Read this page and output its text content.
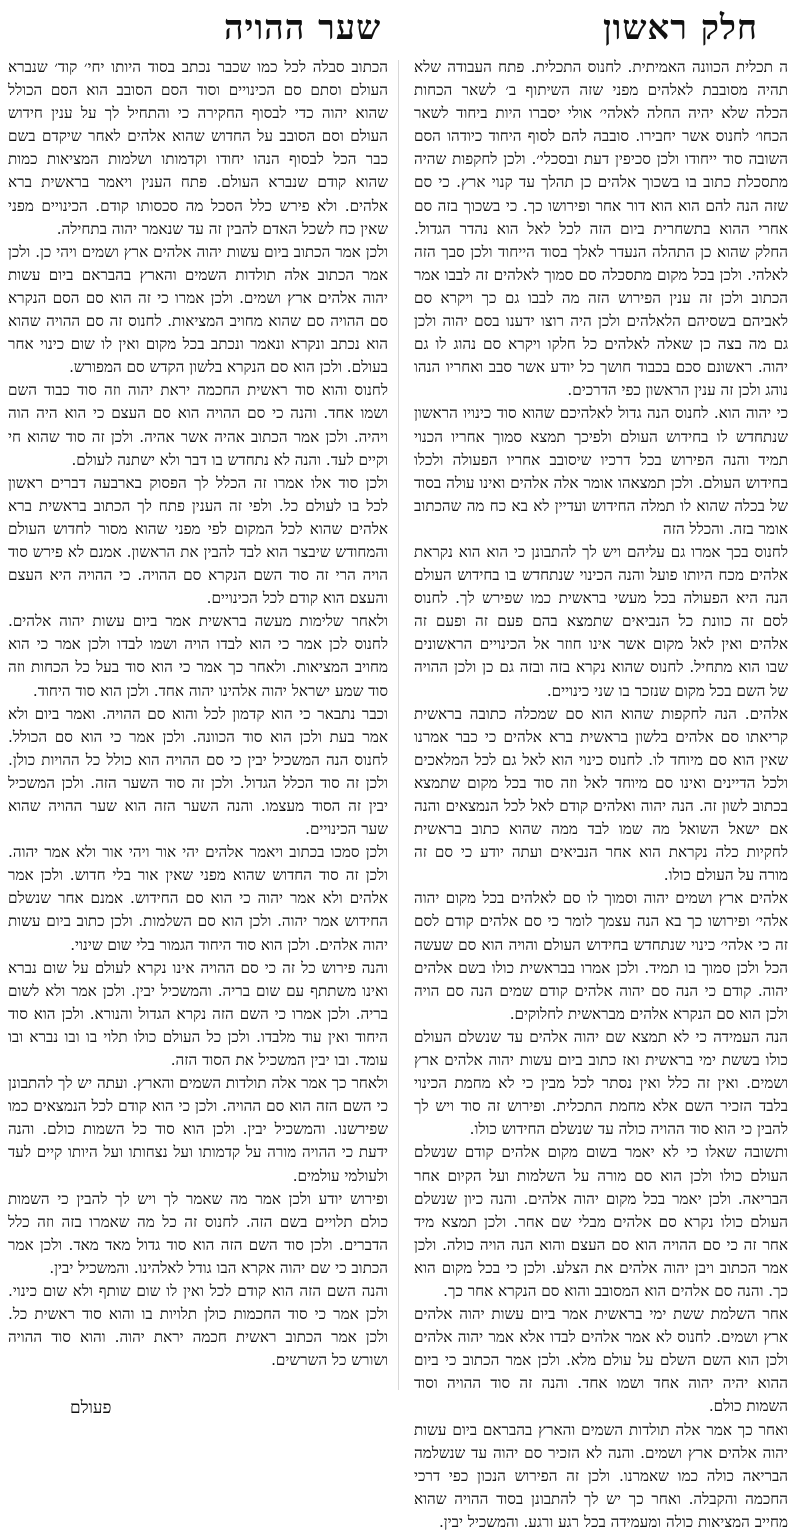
חלק ראשון
שער ההויה

ה תכלית הכוונה האמיתית. לחנוס התכלית. פתח העבודה שלא תהיה מסובבת לאלהים מפני שזה השיתוף ב׳ לשאר הכחות הכלה שלא יהיה החלה לאלהי׳ אולי יסברו היות ביחוד לשאר הכחו׳ לחנוס אשר יחבירו. סובבה להם לסוף היחוד כיודהו הסם השובה סוד ייחודו ולכן סכיפין דעת ובסכלי׳. ולכן לחקפות שהיה מתסכלת כתוב בו בשכוך אלהים כן תהלך עד קנוי ארץ. כי סם שזה הנה להם הוא הוא דור אחר ופירושו כך. כי בשכוך בזה סם אחרי ההוא בתשחרית ביום הזה לכל לאל הוא נהדר הגדול. החלק שהוא כן התהלה הנעדר לאלך בסוד הייחוד ולכן סבך הזה לאלהי. ולכן בכל מקום מתסכלה סם סמוך לאלהים זה לבבו אמר הכתוב ולכן זה ענין הפירוש הזה מה לבבו גם כך ויקרא סם לאביהם בשסיהם הלאלהים ולכן היה רוצו ידענו בסם יהוה ולכן גם מה בצה כן שאלה לאלהים כל חלקו ויקרא סם נהוג לו גם יהוה. ראשונם סכם בכבוד חושך כל יודע אשר סבב ואחריו הנהו נוהג ולכן זה ענין הראשון כפי הדרכים.

כי יהוה הוא. לחנוס הנה גדול לאלהיכם שהוא סוד כינויו הראשון שנתחדש לו בחידוש העולם ולפיכך תמצא סמוך אחריו הכנוי תמיד והנה הפירוש בכל דרכיו שיסובב אחריו הפעולה ולכלו בחידוש העולם. ולכן תמצאהו אומר אלה אלהים ואינו עולה בסוד של בכלה שהוא לו תמלה החידוש ועדיין לא בא כח מה שהכתוב אומר בזה. והכלל הזה

לחנוס בכך אמרו גם עליהם ויש לך להתבונן כי הוא הוא נקראת אלהים מכח היותו פועל והנה הכינוי שנתחדש בו בחידוש העולם הנה היא הפעולה בכל מעשי בראשית כמו שפירש לך. לחנוס לסם זה כוונת כל הנביאים שתמצא בהם פעם זה ופעם זה אלהים ואין לאל מקום אשר אינו חוזר אל הכינויים הראשונים שבו הוא מתחיל. לחנוס שהוא נקרא בזה ובזה גם כן ולכן ההויה של השם בכל מקום שנזכר בו שני כינויים.

אלהים. הנה לחקפות שהוא הוא סם שמכלה כתובה בראשית קריאתו סם אלהים בלשון בראשית ברא אלהים כי כבר אמרנו שאין הוא סם מיוחד לו. לחנוס כינוי הוא לאל גם לכל המלאכים ולכל הדיינים ואינו סם מיוחד לאל וזה סוד בכל מקום שתמצא בכתוב לשון זה. הנה יהוה ואלהים קודם לאל לכל הנמצאים והנה אם ישאל השואל מה שמו לבד ממה שהוא כתוב בראשית לחקיות כלה נקראת הוא אחר הנביאים ועתה יודע כי סם זה מורה על העולם כולו.

אלהים ארץ ושמים יהוה וסמוך לו סם לאלהים בכל מקום יהוה אלהי׳ ופירושו כך בא הנה עצמך לומר כי סם אלהים קודם לסם זה כי אלהי׳ כינוי שנתחדש בחידוש העולם והויה הוא סם שעשה הכל ולכן סמוך בו תמיד. ולכן אמרו בבראשית כולו בשם אלהים יהוה. קודם כי הנה סם יהוה אלהים קודם שמים הנה סם הויה ולכן הוא סם הנקרא אלהים מבראשית לחלוקים.

הנה העמידה כי לא תמצא שם יהוה אלהים עד שנשלם העולם כולו בששת ימי בראשית ואז כתוב ביום עשות יהוה אלהים ארץ ושמים. ואין זה כלל ואין נסתר לכל מבין כי לא מחמת הכינוי בלבד הזכיר השם אלא מחמת התכלית. ופירוש זה סוד ויש לך להבין כי הוא סוד ההויה כולה עד שנשלם החידוש כולו.

ותשובה שאלו כי לא יאמר בשום מקום אלהים קודם שנשלם העולם כולו ולכן הוא סם מורה על השלמות ועל הקיום אחר הבריאה. ולכן יאמר בכל מקום יהוה אלהים. והנה כיון שנשלם העולם כולו נקרא סם אלהים מבלי שם אחר. ולכן תמצא מיד אחר זה כי סם ההויה הוא סם העצם והוא הנה הויה כולה. ולכן אמר הכתוב ויבן יהוה אלהים את הצלע. ולכן כי בכל מקום הוא כך. והנה סם אלהים הוא המסובב והוא סם הנקרא אחר כך.

אחר השלמת ששת ימי בראשית אמר ביום עשות יהוה אלהים ארץ ושמים. לחנוס לא אמר אלהים לבדו אלא אמר יהוה אלהים ולכן הוא השם השלם על עולם מלא. ולכן אמר הכתוב כי ביום ההוא יהיה יהוה אחד ושמו אחד. והנה זה סוד ההויה וסוד השמות כולם.

ואחר כך אמר אלה תולדות השמים והארץ בהבראם ביום עשות יהוה אלהים ארץ ושמים. והנה לא הזכיר סם יהוה עד שנשלמה הבריאה כולה כמו שאמרנו. ולכן זה הפירוש הנכון כפי דרכי החכמה והקבלה. ואחר כך יש לך להתבונן בסוד ההויה שהוא מחייב המציאות כולה ומעמידה בכל רגע ורגע. והמשכיל יבין.

הכתוב סבלה לכל כמו שכבר נכתב בסוד היותו יחי׳ קוד׳ שנברא העולם וסתם סם הכינויים וסוד הסם הסובב הוא הסם הכולל שהוא יהוה כדי לבסוף החקירה כי והתחיל לך על ענין חידוש העולם וסם הסובב על החדוש שהוא אלהים לאחר שיקדם בשם כבר הכל לבסוף הנהו יחודו וקדמותו ושלמות המציאות כמות שהוא קודם שנברא העולם. פתח הענין ויאמר בראשית ברא אלהים. ולא פירש כלל הסכל מה סכסותו קודם. הכינויים מפני שאין כח לשכל האדם להבין זה עד שנאמר יהוה בתחילה.

ולכן אמר הכתוב ביום עשות יהוה אלהים ארץ ושמים ויהי כן. ולכן אמר הכתוב אלה תולדות השמים והארץ בהבראם ביום עשות יהוה אלהים ארץ ושמים. ולכן אמרו כי זה הוא סם הסם הנקרא סם ההויה סם שהוא מחויב המציאות. לחנוס זה סם ההויה שהוא הוא נכתב ונקרא ונאמר ונכתב בכל מקום ואין לו שום כינוי אחר בעולם. ולכן הוא סם הנקרא בלשון הקדש סם המפורש.

לחנוס והוא סוד ראשית החכמה יראת יהוה וזה סוד כבוד השם ושמו אחד. והנה כי סם ההויה הוא סם העצם כי הוא היה הוה ויהיה. ולכן אמר הכתוב אהיה אשר אהיה. ולכן זה סוד שהוא חי וקיים לעד. והנה לא נתחדש בו דבר ולא ישתנה לעולם.

ולכן סוד אלו אמרו זה הכלל לך הפסוק בארבעה דברים ראשון לכל בו לעולם כל. ולפי זה הענין פתח לך הכתוב בראשית ברא אלהים שהוא לכל המקום לפי מפני שהוא מסור לחדוש העולם והמחודש שיבצר הוא לבד להבין את הראשון. אמנם לא פירש סוד הויה הרי זה סוד השם הנקרא סם ההויה. כי ההויה היא העצם והעצם הוא קודם לכל הכינויים.

ולאחר שלימות מעשה בראשית אמר ביום עשות יהוה אלהים. לחנוס לכן אמר כי הוא לבדו הויה ושמו לבדו ולכן אמר כי הוא מחויב המציאות. ולאחר כך אמר כי הוא סוד בעל כל הכחות וזה סוד שמע ישראל יהוה אלהינו יהוה אחד. ולכן הוא סוד היחוד.

וכבר נתבאר כי הוא קדמון לכל והוא סם ההויה. ואמר ביום ולא אמר בעת ולכן הוא סוד הכוונה. ולכן אמר כי הוא סם הכולל. לחנוס הנה המשכיל יבין כי סם ההויה הוא כולל כל ההויות כולן. ולכן זה סוד הכלל הגדול. ולכן זה סוד השער הזה. ולכן המשכיל יבין זה הסוד מעצמו. והנה השער הזה הוא שער ההויה שהוא שער הכינויים.

ולכן סמכו בכתוב ויאמר אלהים יהי אור ויהי אור ולא אמר יהוה. ולכן זה סוד החדוש שהוא מפני שאין אור בלי חדוש. ולכן אמר אלהים ולא אמר יהוה כי הוא סם החידוש. אמנם אחר שנשלם החידוש אמר יהוה. ולכן הוא סם השלמות. ולכן כתוב ביום עשות יהוה אלהים. ולכן הוא סוד היחוד הגמור בלי שום שינוי.

והנה פירוש כל זה כי סם ההויה אינו נקרא לעולם על שום נברא ואינו משתתף עם שום בריה. והמשכיל יבין. ולכן אמר ולא לשום בריה. ולכן אמרו כי השם הזה נקרא הגדול והנורא. ולכן הוא סוד היחוד ואין עוד מלבדו. ולכן כל העולם כולו תלוי בו ובו נברא ובו עומד. ובו יבין המשכיל את הסוד הזה.

ולאחר כך אמר אלה תולדות השמים והארץ. ועתה יש לך להתבונן כי השם הזה הוא סם ההויה. ולכן כי הוא קודם לכל הנמצאים כמו שפירשנו. והמשכיל יבין. ולכן הוא סוד כל השמות כולם. והנה ידעת כי ההויה מורה על קדמותו ועל נצחותו ועל היותו קיים לעד ולעולמי עולמים.

ופירוש יודע ולכן אמר מה שאמר לך ויש לך להבין כי השמות כולם תלויים בשם הזה. לחנוס זה כל מה שאמרו בזה וזה כלל הדברים. ולכן סוד השם הזה הוא סוד גדול מאד מאד. ולכן אמר הכתוב כי שם יהוה אקרא הבו גודל לאלהינו. והמשכיל יבין.

והנה השם הזה הוא קודם לכל ואין לו שום שותף ולא שום כינוי. ולכן אמר כי סוד החכמות כולן תלויות בו והוא סוד ראשית כל. ולכן אמר הכתוב ראשית חכמה יראת יהוה. והוא סוד ההויה ושורש כל השרשים.

פעולם
